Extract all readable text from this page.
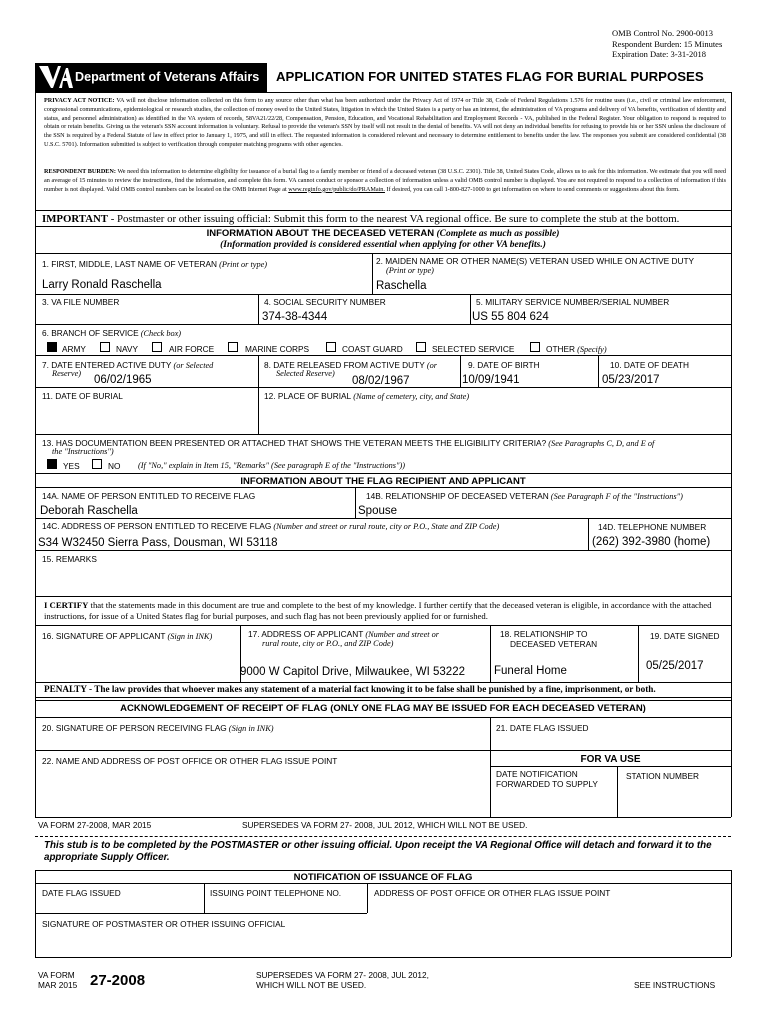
OMB Control No. 2900-0013
Respondent Burden: 15 Minutes
Expiration Date: 3-31-2018
Department of Veterans Affairs APPLICATION FOR UNITED STATES FLAG FOR BURIAL PURPOSES
PRIVACY ACT NOTICE: VA will not disclose information collected on this form to any source other than what has been authorized under the Privacy Act of 1974 or Title 38, Code of Federal Regulations 1.576 for routine uses (i.e., civil or criminal law enforcement, congressional communications, epidemiological or research studies, the collection of money owed to the United States, litigation in which the United States is a party or has an interest, the administration of VA programs and delivery of VA benefits, verification of identity and status, and personnel administration) as identified in the VA system of records, 58VA21/22/28, Compensation, Pension, Education, and Vocational Rehabilitation and Employment Records - VA, published in the Federal Register. Your obligation to respond is required to obtain or retain benefits. Giving us the veteran's SSN account information is voluntary. Refusal to provide the veteran's SSN by itself will not result in the denial of benefits. VA will not deny an individual benefits for refusing to provide his or her SSN unless the disclosure of the SSN is required by a Federal Statute of law in effect prior to January 1, 1975, and still in effect. The requested information is considered relevant and necessary to determine entitlement to benefits under the law. The responses you submit are considered confidential (38 U.S.C. 5701). Information submitted is subject to verification through computer matching programs with other agencies.
RESPONDENT BURDEN: We need this information to determine eligibility for issuance of a burial flag to a family member or friend of a deceased veteran (38 U.S.C. 2301). Title 38, United States Code, allows us to ask for this information. We estimate that you will need an average of 15 minutes to review the instructions, find the information, and complete this form. VA cannot conduct or sponsor a collection of information unless a valid OMB control number is displayed. You are not required to respond to a collection of information if this number is not displayed. Valid OMB control numbers can be located on the OMB Internet Page at www.reginfo.gov/public/do/PRAMain. If desired, you can call 1-800-827-1000 to get information on where to send comments or suggestions about this form.
IMPORTANT - Postmaster or other issuing official: Submit this form to the nearest VA regional office. Be sure to complete the stub at the bottom.
INFORMATION ABOUT THE DECEASED VETERAN (Complete as much as possible)
(Information provided is considered essential when applying for other VA benefits.)
1. FIRST, MIDDLE, LAST NAME OF VETERAN (Print or type)
Larry Ronald Raschella
2. MAIDEN NAME OR OTHER NAME(S) VETERAN USED WHILE ON ACTIVE DUTY
(Print or type)
Raschella
3. VA FILE NUMBER	4. SOCIAL SECURITY NUMBER
374-38-4344
5. MILITARY SERVICE NUMBER/SERIAL NUMBER
US 55 804 624
6. BRANCH OF SERVICE (Check box)
ARMY	NAVY	AIR FORCE	MARINE CORPS	COAST GUARD	SELECTED SERVICE	OTHER (Specify)
7. DATE ENTERED ACTIVE DUTY (or Selected
Reserve)
06/02/1965
8. DATE RELEASED FROM ACTIVE DUTY (or
Selected Reserve)
08/02/1967
9. DATE OF BIRTH
10/09/1941
10. DATE OF DEATH
05/23/2017
11. DATE OF BURIAL	12. PLACE OF BURIAL (Name of cemetery, city, and State)
13. HAS DOCUMENTATION BEEN PRESENTED OR ATTACHED THAT SHOWS THE VETERAN MEETS THE ELIGIBILITY CRITERIA? (See Paragraphs C, D, and E of
the "Instructions")
YES	NO (If "No," explain in Item 15, "Remarks" (See paragraph E of the "Instructions"))
INFORMATION ABOUT THE FLAG RECIPIENT AND APPLICANT
14A. NAME OF PERSON ENTITLED TO RECEIVE FLAG
Deborah Raschella
14B. RELATIONSHIP OF DECEASED VETERAN (See Paragraph F of the "Instructions")
Spouse
14C. ADDRESS OF PERSON ENTITLED TO RECEIVE FLAG (Number and street or rural route, city or P.O., State and ZIP Code)
S34 W32450 Sierra Pass, Dousman, WI 53118
14D. TELEPHONE NUMBER
(262) 392-3980 (home)
15. REMARKS
I CERTIFY that the statements made in this document are true and complete to the best of my knowledge. I further certify that the deceased veteran is eligible, in accordance with the attached instructions, for issue of a United States flag for burial purposes, and such flag has not been previously applied for or furnished.
16. SIGNATURE OF APPLICANT (Sign in INK)	17. ADDRESS OF APPLICANT (Number and street or
rural route, city or P.O., and ZIP Code)
9000 W Capitol Drive, Milwaukee, WI 53222
18. RELATIONSHIP TO
DECEASED VETERAN
Funeral Home
19. DATE SIGNED
05/25/2017
PENALTY - The law provides that whoever makes any statement of a material fact knowing it to be false shall be punished by a fine, imprisonment, or both.
ACKNOWLEDGEMENT OF RECEIPT OF FLAG (ONLY ONE FLAG MAY BE ISSUED FOR EACH DECEASED VETERAN)
20. SIGNATURE OF PERSON RECEIVING FLAG (Sign in INK)	21. DATE FLAG ISSUED
22. NAME AND ADDRESS OF POST OFFICE OR OTHER FLAG ISSUE POINT	FOR VA USE
DATE NOTIFICATION
FORWARDED TO SUPPLY
STATION NUMBER
VA FORM 27-2008, MAR 2015	SUPERSEDES VA FORM 27- 2008, JUL 2012, WHICH WILL NOT BE USED.
This stub is to be completed by the POSTMASTER or other issuing official. Upon receipt the VA Regional Office will detach and forward it to the appropriate Supply Officer.
NOTIFICATION OF ISSUANCE OF FLAG
DATE FLAG ISSUED	ISSUING POINT TELEPHONE NO.	ADDRESS OF POST OFFICE OR OTHER FLAG ISSUE POINT
SIGNATURE OF POSTMASTER OR OTHER ISSUING OFFICIAL
VA FORM
MAR 2015 27-2008	SUPERSEDES VA FORM 27- 2008, JUL 2012,
WHICH WILL NOT BE USED.	SEE INSTRUCTIONS
